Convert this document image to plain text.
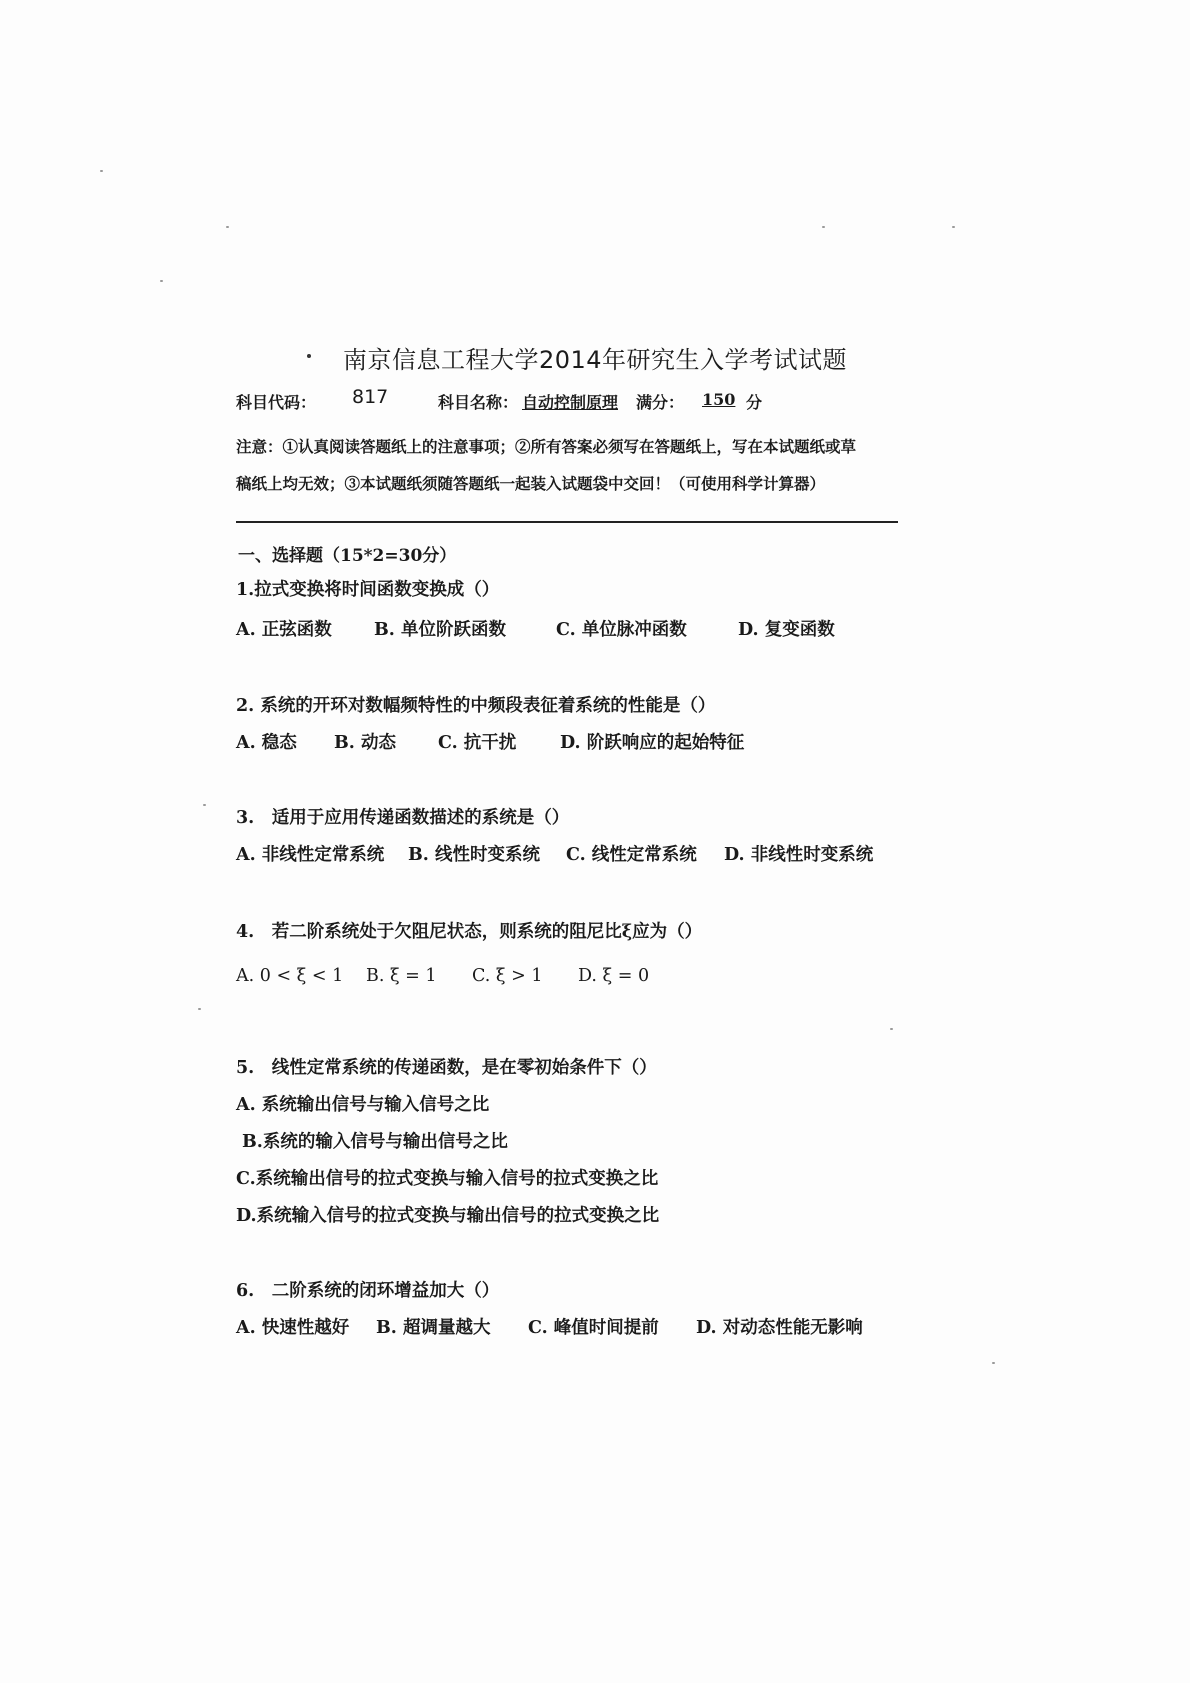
南京信息工程大学2014年研究生入学考试试题
科目代码： 817	科目名称： 自动控制原理 满分： 150 分
注意：①认真阅读答题纸上的注意事项；②所有答案必须写在答题纸上，写在本试题纸或草
稿纸上均无效；③本试题纸须随答题纸一起装入试题袋中交回！（可使用科学计算器）
一、选择题（15*2=30分）
1.拉式变换将时间函数变换成（）
A. 正弦函数 B. 单位阶跃函数	C. 单位脉冲函数	D. 复变函数
2. 系统的开环对数幅频特性的中频段表征着系统的性能是（）
A. 稳态 B. 动态 C. 抗干扰 D. 阶跃响应的起始特征
3.　适用于应用传递函数描述的系统是（）
A. 非线性定常系统 B. 线性时变系统 C. 线性定常系统 D. 非线性时变系统
4.　若二阶系统处于欠阻尼状态，则系统的阻尼比ξ应为（）
A. 0 < ξ < 1 B. ξ = 1 C. ξ > 1 D. ξ = 0
5.　线性定常系统的传递函数，是在零初始条件下（）
A. 系统输出信号与输入信号之比
B.系统的输入信号与输出信号之比
C.系统输出信号的拉式变换与输入信号的拉式变换之比
D.系统输入信号的拉式变换与输出信号的拉式变换之比
6.　二阶系统的闭环增益加大（）
A. 快速性越好 B. 超调量越大 C. 峰值时间提前 D. 对动态性能无影响
